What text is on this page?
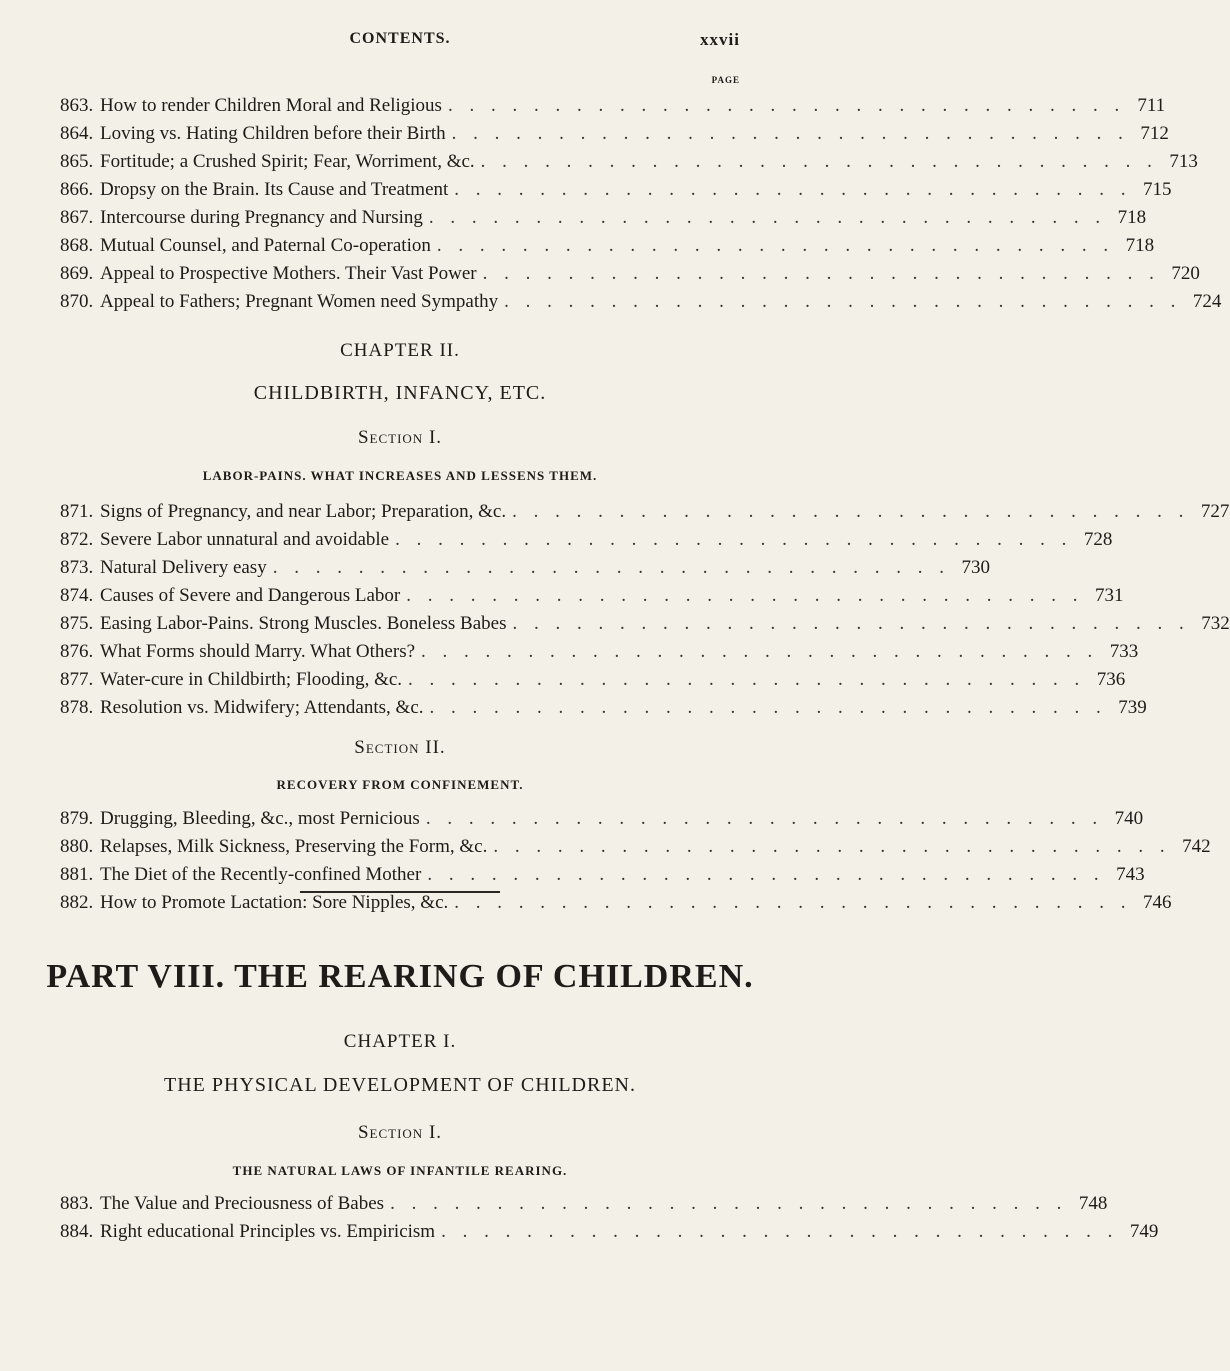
CONTENTS.	xxvii
PAGE
863. How to render Children Moral and Religious . . . . . . . . . . . . . . . . . . . . . . . . . . . . . . . . 711
864. Loving vs. Hating Children before their Birth . . . . . . . . . . . . . . . . . . . . . . . . . . . . . . . . 712
865. Fortitude; a Crushed Spirit; Fear, Worriment, &c. . . . . . . . . . . . . . . . . . . . . . . . . . . . . . . . . 713
866. Dropsy on the Brain. Its Cause and Treatment . . . . . . . . . . . . . . . . . . . . . . . . . . . . . . . . 715
867. Intercourse during Pregnancy and Nursing . . . . . . . . . . . . . . . . . . . . . . . . . . . . . . . . 718
868. Mutual Counsel, and Paternal Co-operation . . . . . . . . . . . . . . . . . . . . . . . . . . . . . . . . 718
869. Appeal to Prospective Mothers. Their Vast Power . . . . . . . . . . . . . . . . . . . . . . . . . . . . . . . . 720
870. Appeal to Fathers; Pregnant Women need Sympathy . . . . . . . . . . . . . . . . . . . . . . . . . . . . . . . . 724
CHAPTER II.
CHILDBIRTH, INFANCY, ETC.
Section I.
LABOR-PAINS. WHAT INCREASES AND LESSENS THEM.
871. Signs of Pregnancy, and near Labor; Preparation, &c. . . . . . . . . . . . . . . . . . . . . . . . . . . . . . . . . 727
872. Severe Labor unnatural and avoidable . . . . . . . . . . . . . . . . . . . . . . . . . . . . . . . . 728
873. Natural Delivery easy . . . . . . . . . . . . . . . . . . . . . . . . . . . . . . . . 730
874. Causes of Severe and Dangerous Labor . . . . . . . . . . . . . . . . . . . . . . . . . . . . . . . . 731
875. Easing Labor-Pains. Strong Muscles. Boneless Babes . . . . . . . . . . . . . . . . . . . . . . . . . . . . . . . . 732
876. What Forms should Marry. What Others? . . . . . . . . . . . . . . . . . . . . . . . . . . . . . . . . 733
877. Water-cure in Childbirth; Flooding, &c. . . . . . . . . . . . . . . . . . . . . . . . . . . . . . . . . 736
878. Resolution vs. Midwifery; Attendants, &c. . . . . . . . . . . . . . . . . . . . . . . . . . . . . . . . . 739
Section II.
RECOVERY FROM CONFINEMENT.
879. Drugging, Bleeding, &c., most Pernicious . . . . . . . . . . . . . . . . . . . . . . . . . . . . . . . . 740
880. Relapses, Milk Sickness, Preserving the Form, &c. . . . . . . . . . . . . . . . . . . . . . . . . . . . . . . . . 742
881. The Diet of the Recently-confined Mother . . . . . . . . . . . . . . . . . . . . . . . . . . . . . . . . 743
882. How to Promote Lactation: Sore Nipples, &c. . . . . . . . . . . . . . . . . . . . . . . . . . . . . . . . . 746
PART VIII. THE REARING OF CHILDREN.
CHAPTER I.
THE PHYSICAL DEVELOPMENT OF CHILDREN.
Section I.
THE NATURAL LAWS OF INFANTILE REARING.
883. The Value and Preciousness of Babes . . . . . . . . . . . . . . . . . . . . . . . . . . . . . . . . 748
884. Right educational Principles vs. Empiricism . . . . . . . . . . . . . . . . . . . . . . . . . . . . . . . . 749
